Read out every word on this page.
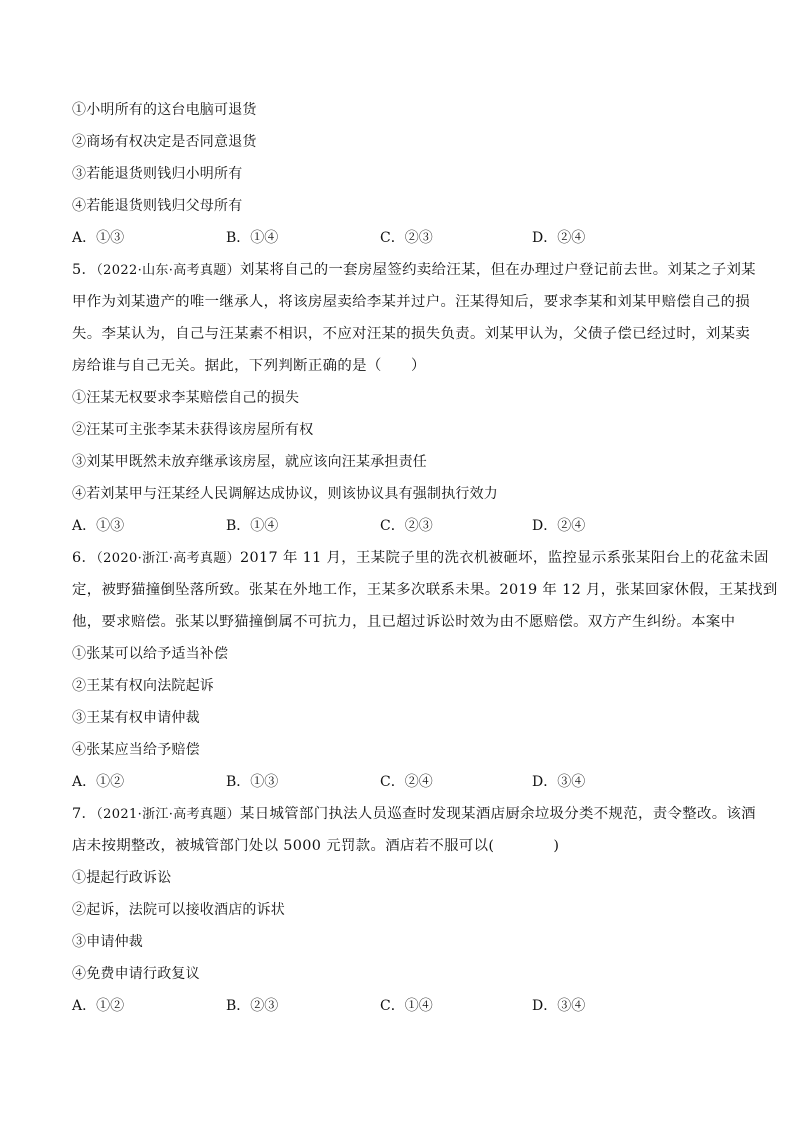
①小明所有的这台电脑可退货
②商场有权决定是否同意退货
③若能退货则钱归小明所有
④若能退货则钱归父母所有
A．①③	B．①④	C．②③	D．②④
5．（2022·山东·高考真题）刘某将自己的一套房屋签约卖给汪某，但在办理过户登记前去世。刘某之子刘某
甲作为刘某遗产的唯一继承人，将该房屋卖给李某并过户。汪某得知后，要求李某和刘某甲赔偿自己的损
失。李某认为，自己与汪某素不相识，不应对汪某的损失负责。刘某甲认为，父债子偿已经过时，刘某卖
房给谁与自己无关。据此，下列判断正确的是（　　）
①汪某无权要求李某赔偿自己的损失
②汪某可主张李某未获得该房屋所有权
③刘某甲既然未放弃继承该房屋，就应该向汪某承担责任
④若刘某甲与汪某经人民调解达成协议，则该协议具有强制执行效力
A．①③	B．①④	C．②③	D．②④
6．（2020·浙江·高考真题）2017 年 11 月，王某院子里的洗衣机被砸坏，监控显示系张某阳台上的花盆未固
定，被野猫撞倒坠落所致。张某在外地工作，王某多次联系未果。2019 年 12 月，张某回家休假，王某找到
他，要求赔偿。张某以野猫撞倒属不可抗力，且已超过诉讼时效为由不愿赔偿。双方产生纠纷。本案中
①张某可以给予适当补偿
②王某有权向法院起诉
③王某有权申请仲裁
④张某应当给予赔偿
A．①②	B．①③	C．②④	D．③④
7．（2021·浙江·高考真题）某日城管部门执法人员巡查时发现某酒店厨余垃圾分类不规范，责令整改。该酒
店未按期整改，被城管部门处以 5000 元罚款。酒店若不服可以(　　　　)
①提起行政诉讼
②起诉，法院可以接收酒店的诉状
③申请仲裁
④免费申请行政复议
A．①②	B．②③	C．①④	D．③④
